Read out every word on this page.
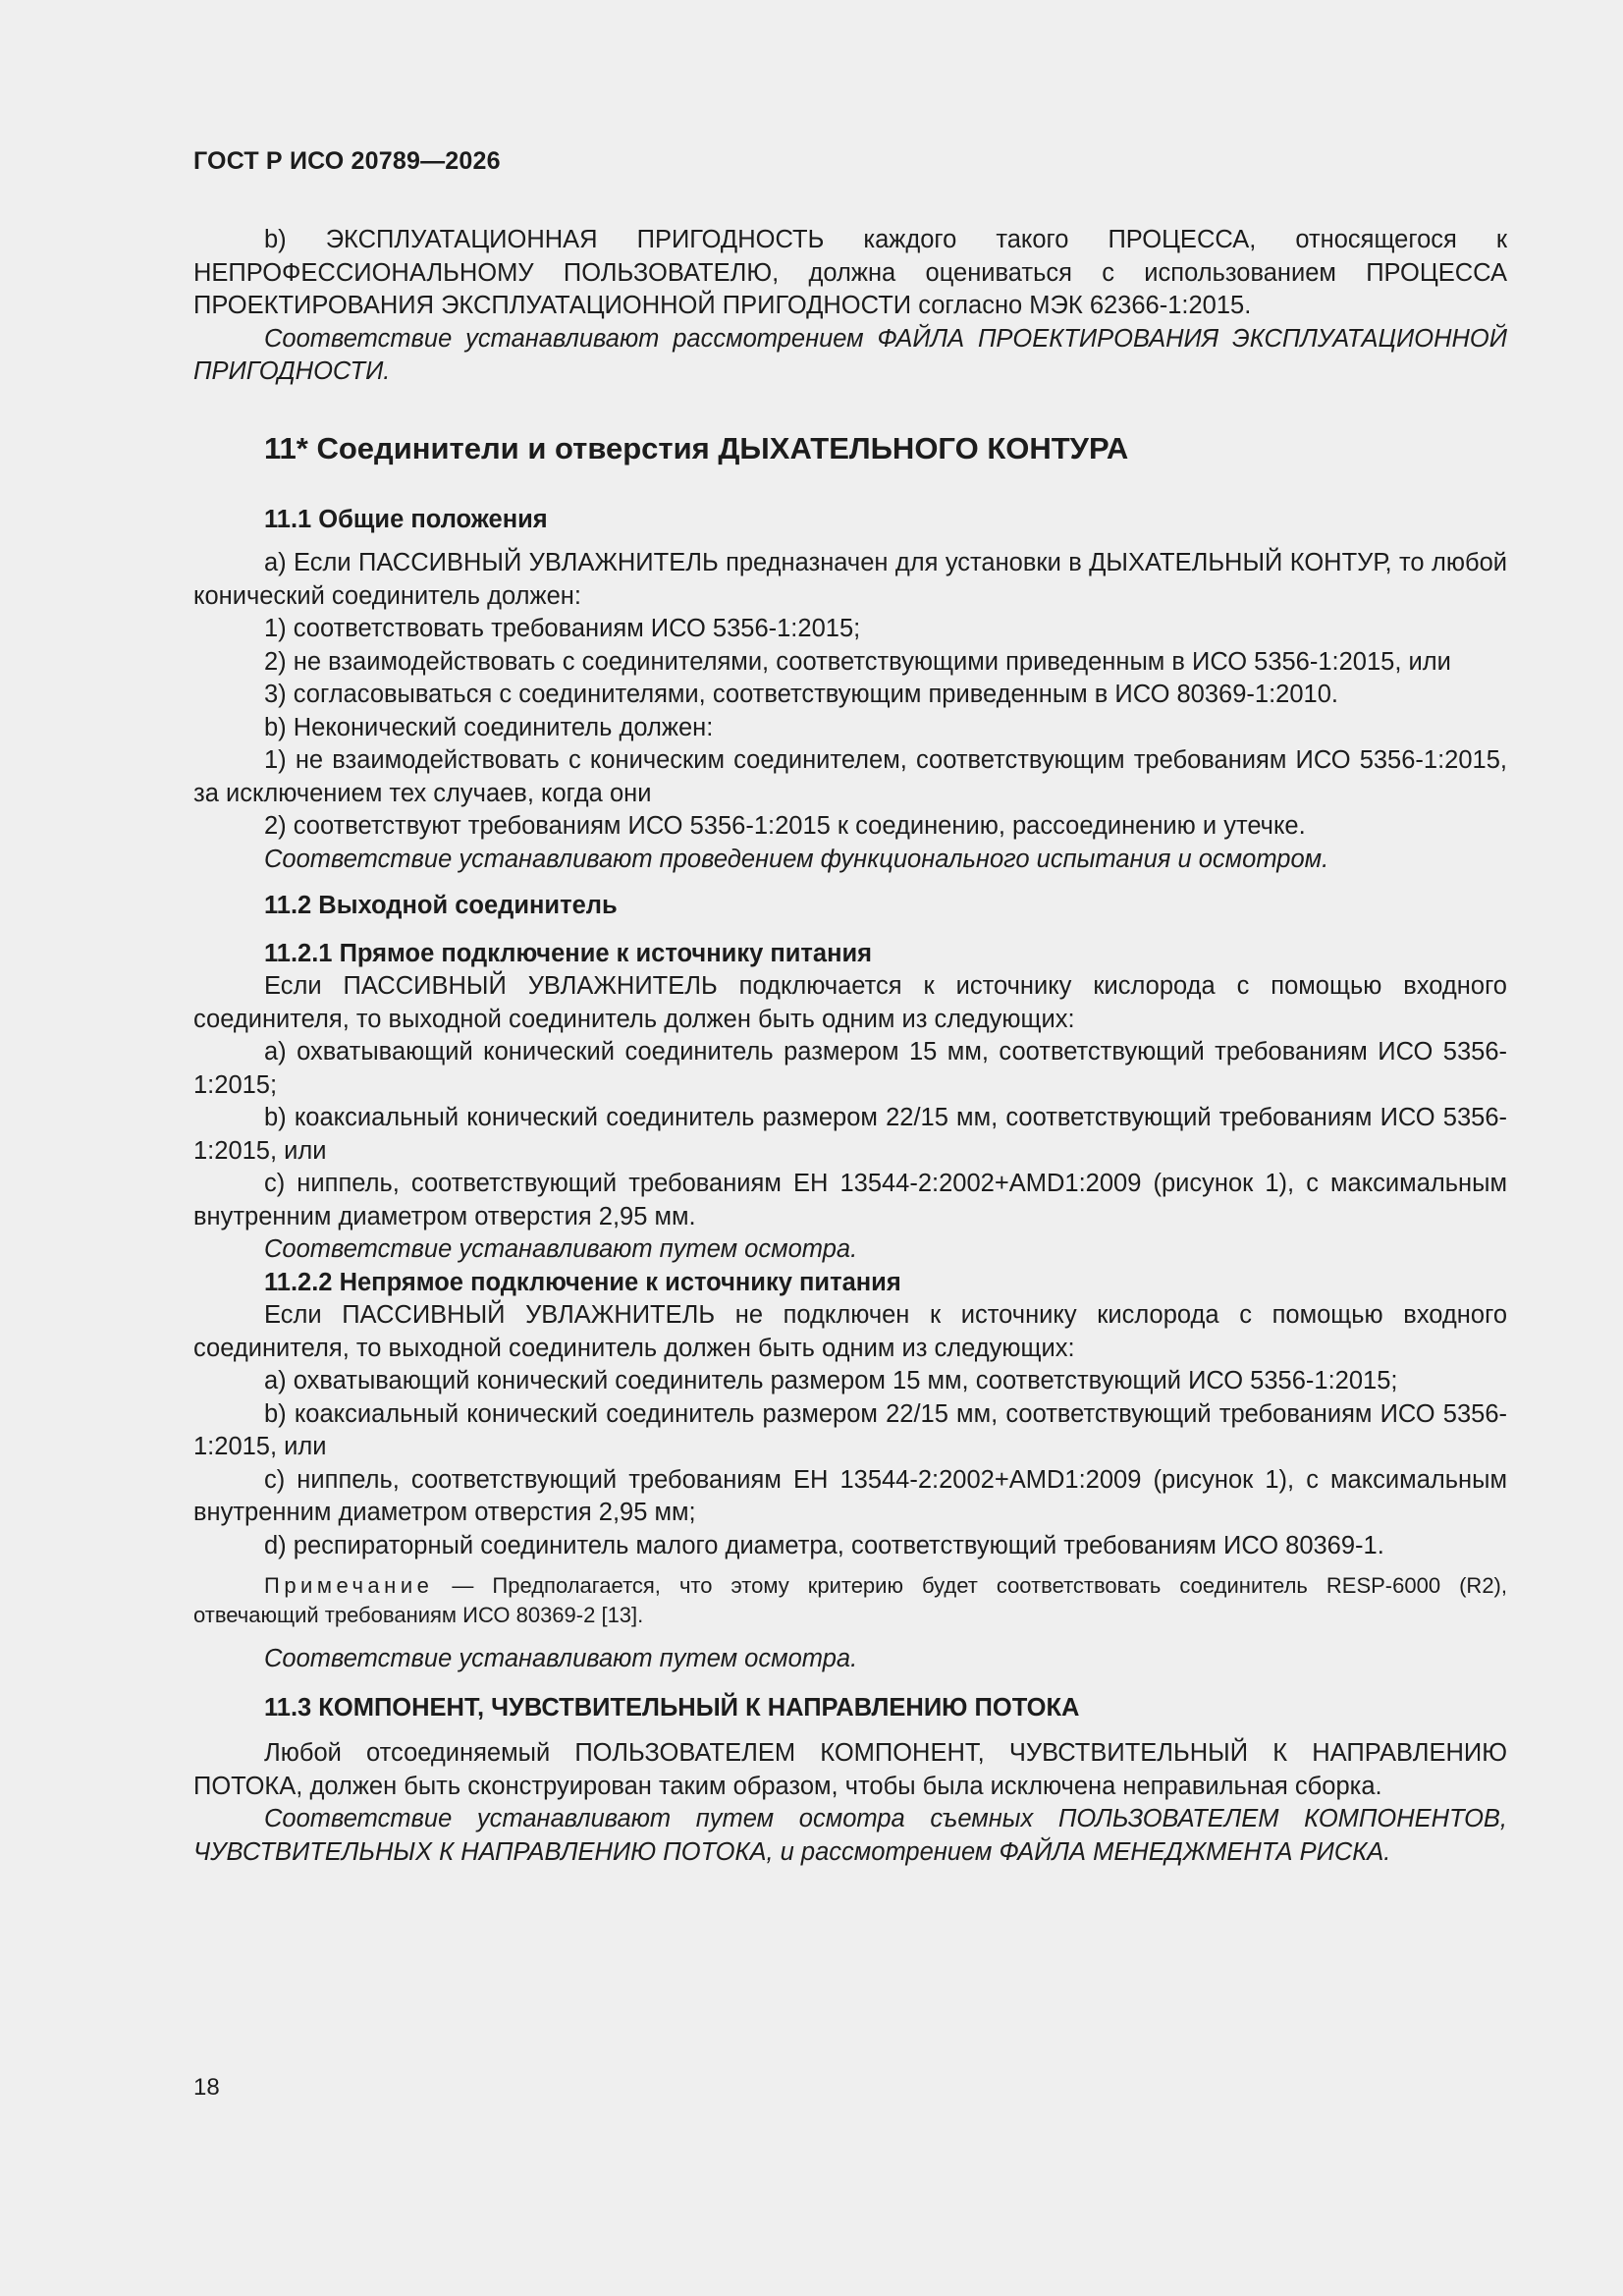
ГОСТ Р ИСО 20789—2026

b) ЭКСПЛУАТАЦИОННАЯ ПРИГОДНОСТЬ каждого такого ПРОЦЕССА, относящегося к НЕПРОФЕССИОНАЛЬНОМУ ПОЛЬЗОВАТЕЛЮ, должна оцениваться с использованием ПРОЦЕССА ПРОЕКТИРОВАНИЯ ЭКСПЛУАТАЦИОННОЙ ПРИГОДНОСТИ согласно МЭК 62366-1:2015.

Соответствие устанавливают рассмотрением ФАЙЛА ПРОЕКТИРОВАНИЯ ЭКСПЛУАТАЦИОННОЙ ПРИГОДНОСТИ.

11* Соединители и отверстия ДЫХАТЕЛЬНОГО КОНТУРА
11.1 Общие положения

a) Если ПАССИВНЫЙ УВЛАЖНИТЕЛЬ предназначен для установки в ДЫХАТЕЛЬНЫЙ КОНТУР, то любой конический соединитель должен:

1) соответствовать требованиям ИСО 5356-1:2015;

2) не взаимодействовать с соединителями, соответствующими приведенным в ИСО 5356-1:2015, или

3) согласовываться с соединителями, соответствующим приведенным в ИСО 80369-1:2010.

b) Неконический соединитель должен:

1) не взаимодействовать с коническим соединителем, соответствующим требованиям ИСО 5356-1:2015, за исключением тех случаев, когда они

2) соответствуют требованиям ИСО 5356-1:2015 к соединению, рассоединению и утечке.

Соответствие устанавливают проведением функционального испытания и осмотром.

11.2 Выходной соединитель
11.2.1 Прямое подключение к источнику питания

Если ПАССИВНЫЙ УВЛАЖНИТЕЛЬ подключается к источнику кислорода с помощью входного соединителя, то выходной соединитель должен быть одним из следующих:

a) охватывающий конический соединитель размером 15 мм, соответствующий требованиям ИСО 5356-1:2015;

b) коаксиальный конический соединитель размером 22/15 мм, соответствующий требованиям ИСО 5356-1:2015, или

c) ниппель, соответствующий требованиям ЕН 13544-2:2002+AMD1:2009 (рисунок 1), с максимальным внутренним диаметром отверстия 2,95 мм.

Соответствие устанавливают путем осмотра.

11.2.2 Непрямое подключение к источнику питания

Если ПАССИВНЫЙ УВЛАЖНИТЕЛЬ не подключен к источнику кислорода с помощью входного соединителя, то выходной соединитель должен быть одним из следующих:

a) охватывающий конический соединитель размером 15 мм, соответствующий ИСО 5356-1:2015;

b) коаксиальный конический соединитель размером 22/15 мм, соответствующий требованиям ИСО 5356-1:2015, или

c) ниппель, соответствующий требованиям ЕН 13544-2:2002+AMD1:2009 (рисунок 1), с максимальным внутренним диаметром отверстия 2,95 мм;

d) респираторный соединитель малого диаметра, соответствующий требованиям ИСО 80369-1.

Примечание — Предполагается, что этому критерию будет соответствовать соединитель RESP-6000 (R2), отвечающий требованиям ИСО 80369-2 [13].

Соответствие устанавливают путем осмотра.

11.3 КОМПОНЕНТ, ЧУВСТВИТЕЛЬНЫЙ К НАПРАВЛЕНИЮ ПОТОКА

Любой отсоединяемый ПОЛЬЗОВАТЕЛЕМ КОМПОНЕНТ, ЧУВСТВИТЕЛЬНЫЙ К НАПРАВЛЕНИЮ ПОТОКА, должен быть сконструирован таким образом, чтобы была исключена неправильная сборка.

Соответствие устанавливают путем осмотра съемных ПОЛЬЗОВАТЕЛЕМ КОМПОНЕНТОВ, ЧУВСТВИТЕЛЬНЫХ К НАПРАВЛЕНИЮ ПОТОКА, и рассмотрением ФАЙЛА МЕНЕДЖМЕНТА РИСКА.

18
